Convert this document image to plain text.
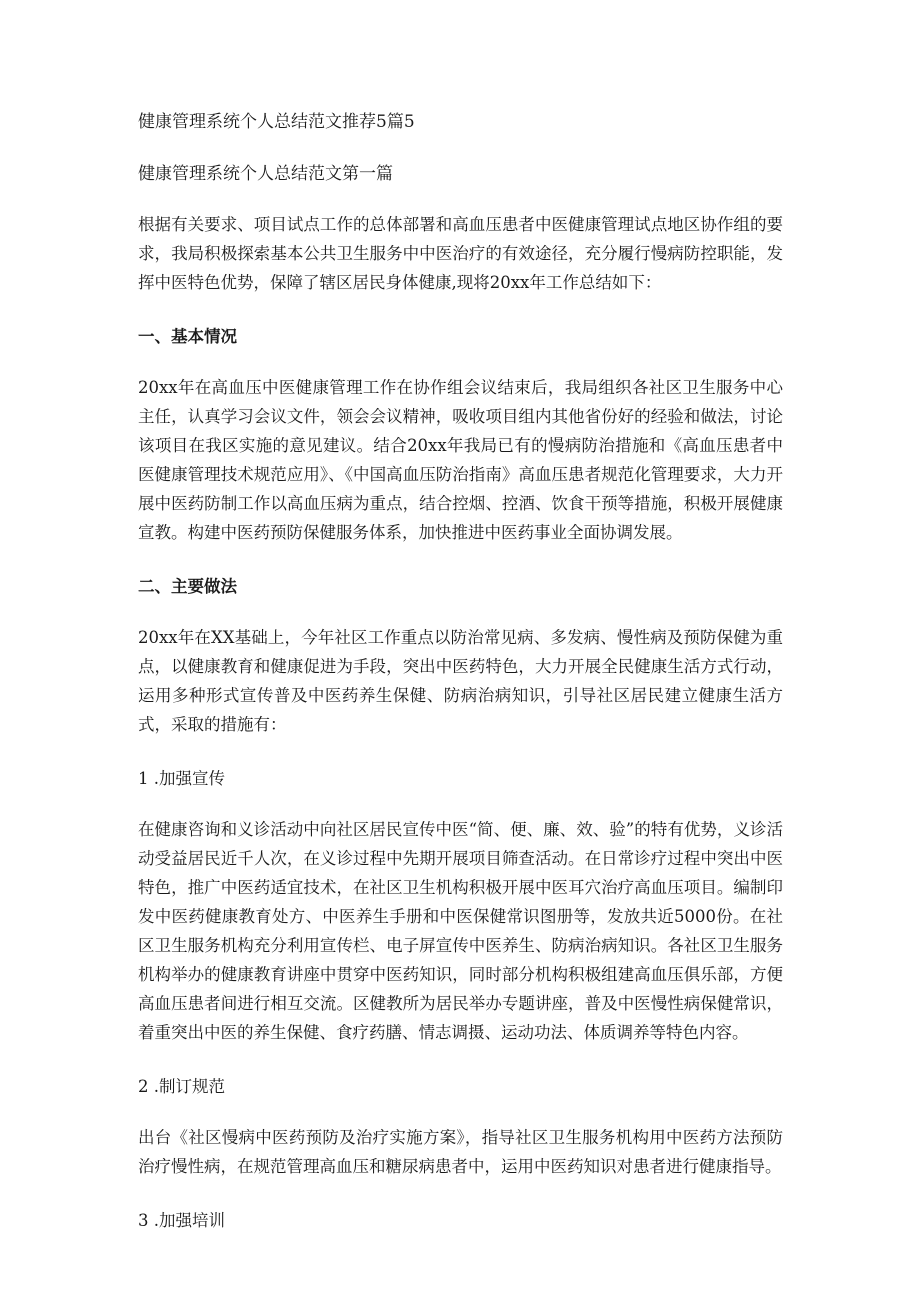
健康管理系统个人总结范文推荐5篇5
健康管理系统个人总结范文第一篇
根据有关要求、项目试点工作的总体部署和高血压患者中医健康管理试点地区协作组的要求，我局积极探索基本公共卫生服务中中医治疗的有效途径，充分履行慢病防控职能，发挥中医特色优势，保障了辖区居民身体健康,现将20xx年工作总结如下：
一、基本情况
20xx年在高血压中医健康管理工作在协作组会议结束后，我局组织各社区卫生服务中心主任，认真学习会议文件，领会会议精神，吸收项目组内其他省份好的经验和做法，讨论该项目在我区实施的意见建议。结合20xx年我局已有的慢病防治措施和《高血压患者中医健康管理技术规范应用》、《中国高血压防治指南》高血压患者规范化管理要求，大力开展中医药防制工作以高血压病为重点，结合控烟、控酒、饮食干预等措施，积极开展健康宣教。构建中医药预防保健服务体系，加快推进中医药事业全面协调发展。
二、主要做法
20xx年在XX基础上，今年社区工作重点以防治常见病、多发病、慢性病及预防保健为重点，以健康教育和健康促进为手段，突出中医药特色，大力开展全民健康生活方式行动，运用多种形式宣传普及中医药养生保健、防病治病知识，引导社区居民建立健康生活方式，采取的措施有：
1 .加强宣传
在健康咨询和义诊活动中向社区居民宣传中医“简、便、廉、效、验”的特有优势，义诊活动受益居民近千人次，在义诊过程中先期开展项目筛查活动。在日常诊疗过程中突出中医特色，推广中医药适宜技术，在社区卫生机构积极开展中医耳穴治疗高血压项目。编制印发中医药健康教育处方、中医养生手册和中医保健常识图册等，发放共近5000份。在社区卫生服务机构充分利用宣传栏、电子屏宣传中医养生、防病治病知识。各社区卫生服务机构举办的健康教育讲座中贯穿中医药知识，同时部分机构积极组建高血压俱乐部，方便高血压患者间进行相互交流。区健教所为居民举办专题讲座，普及中医慢性病保健常识，着重突出中医的养生保健、食疗药膳、情志调摄、运动功法、体质调养等特色内容。
2 .制订规范
出台《社区慢病中医药预防及治疗实施方案》，指导社区卫生服务机构用中医药方法预防治疗慢性病，在规范管理高血压和糖尿病患者中，运用中医药知识对患者进行健康指导。
3 .加强培训
